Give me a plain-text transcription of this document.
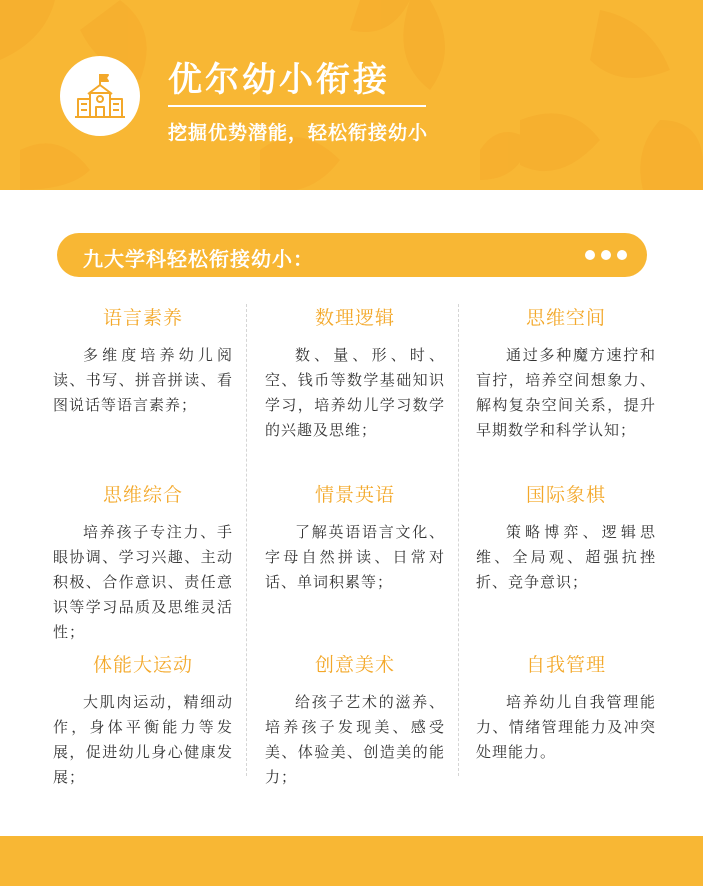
优尔幼小衔接
挖掘优势潜能，轻松衔接幼小
九大学科轻松衔接幼小：
语言素养
多维度培养幼儿阅读、书写、拼音拼读、看图说话等语言素养；
数理逻辑
数、量、形、时、空、钱币等数学基础知识学习，培养幼儿学习数学的兴趣及思维；
思维空间
通过多种魔方速拧和盲拧，培养空间想象力、解构复杂空间关系，提升早期数学和科学认知；
思维综合
培养孩子专注力、手眼协调、学习兴趣、主动积极、合作意识、责任意识等学习品质及思维灵活性；
情景英语
了解英语语言文化、字母自然拼读、日常对话、单词积累等；
国际象棋
策略博弈、逻辑思维、全局观、超强抗挫折、竞争意识；
体能大运动
大肌肉运动，精细动作，身体平衡能力等发展，促进幼儿身心健康发展；
创意美术
给孩子艺术的滋养、培养孩子发现美、感受美、体验美、创造美的能力；
自我管理
培养幼儿自我管理能力、情绪管理能力及冲突处理能力。
